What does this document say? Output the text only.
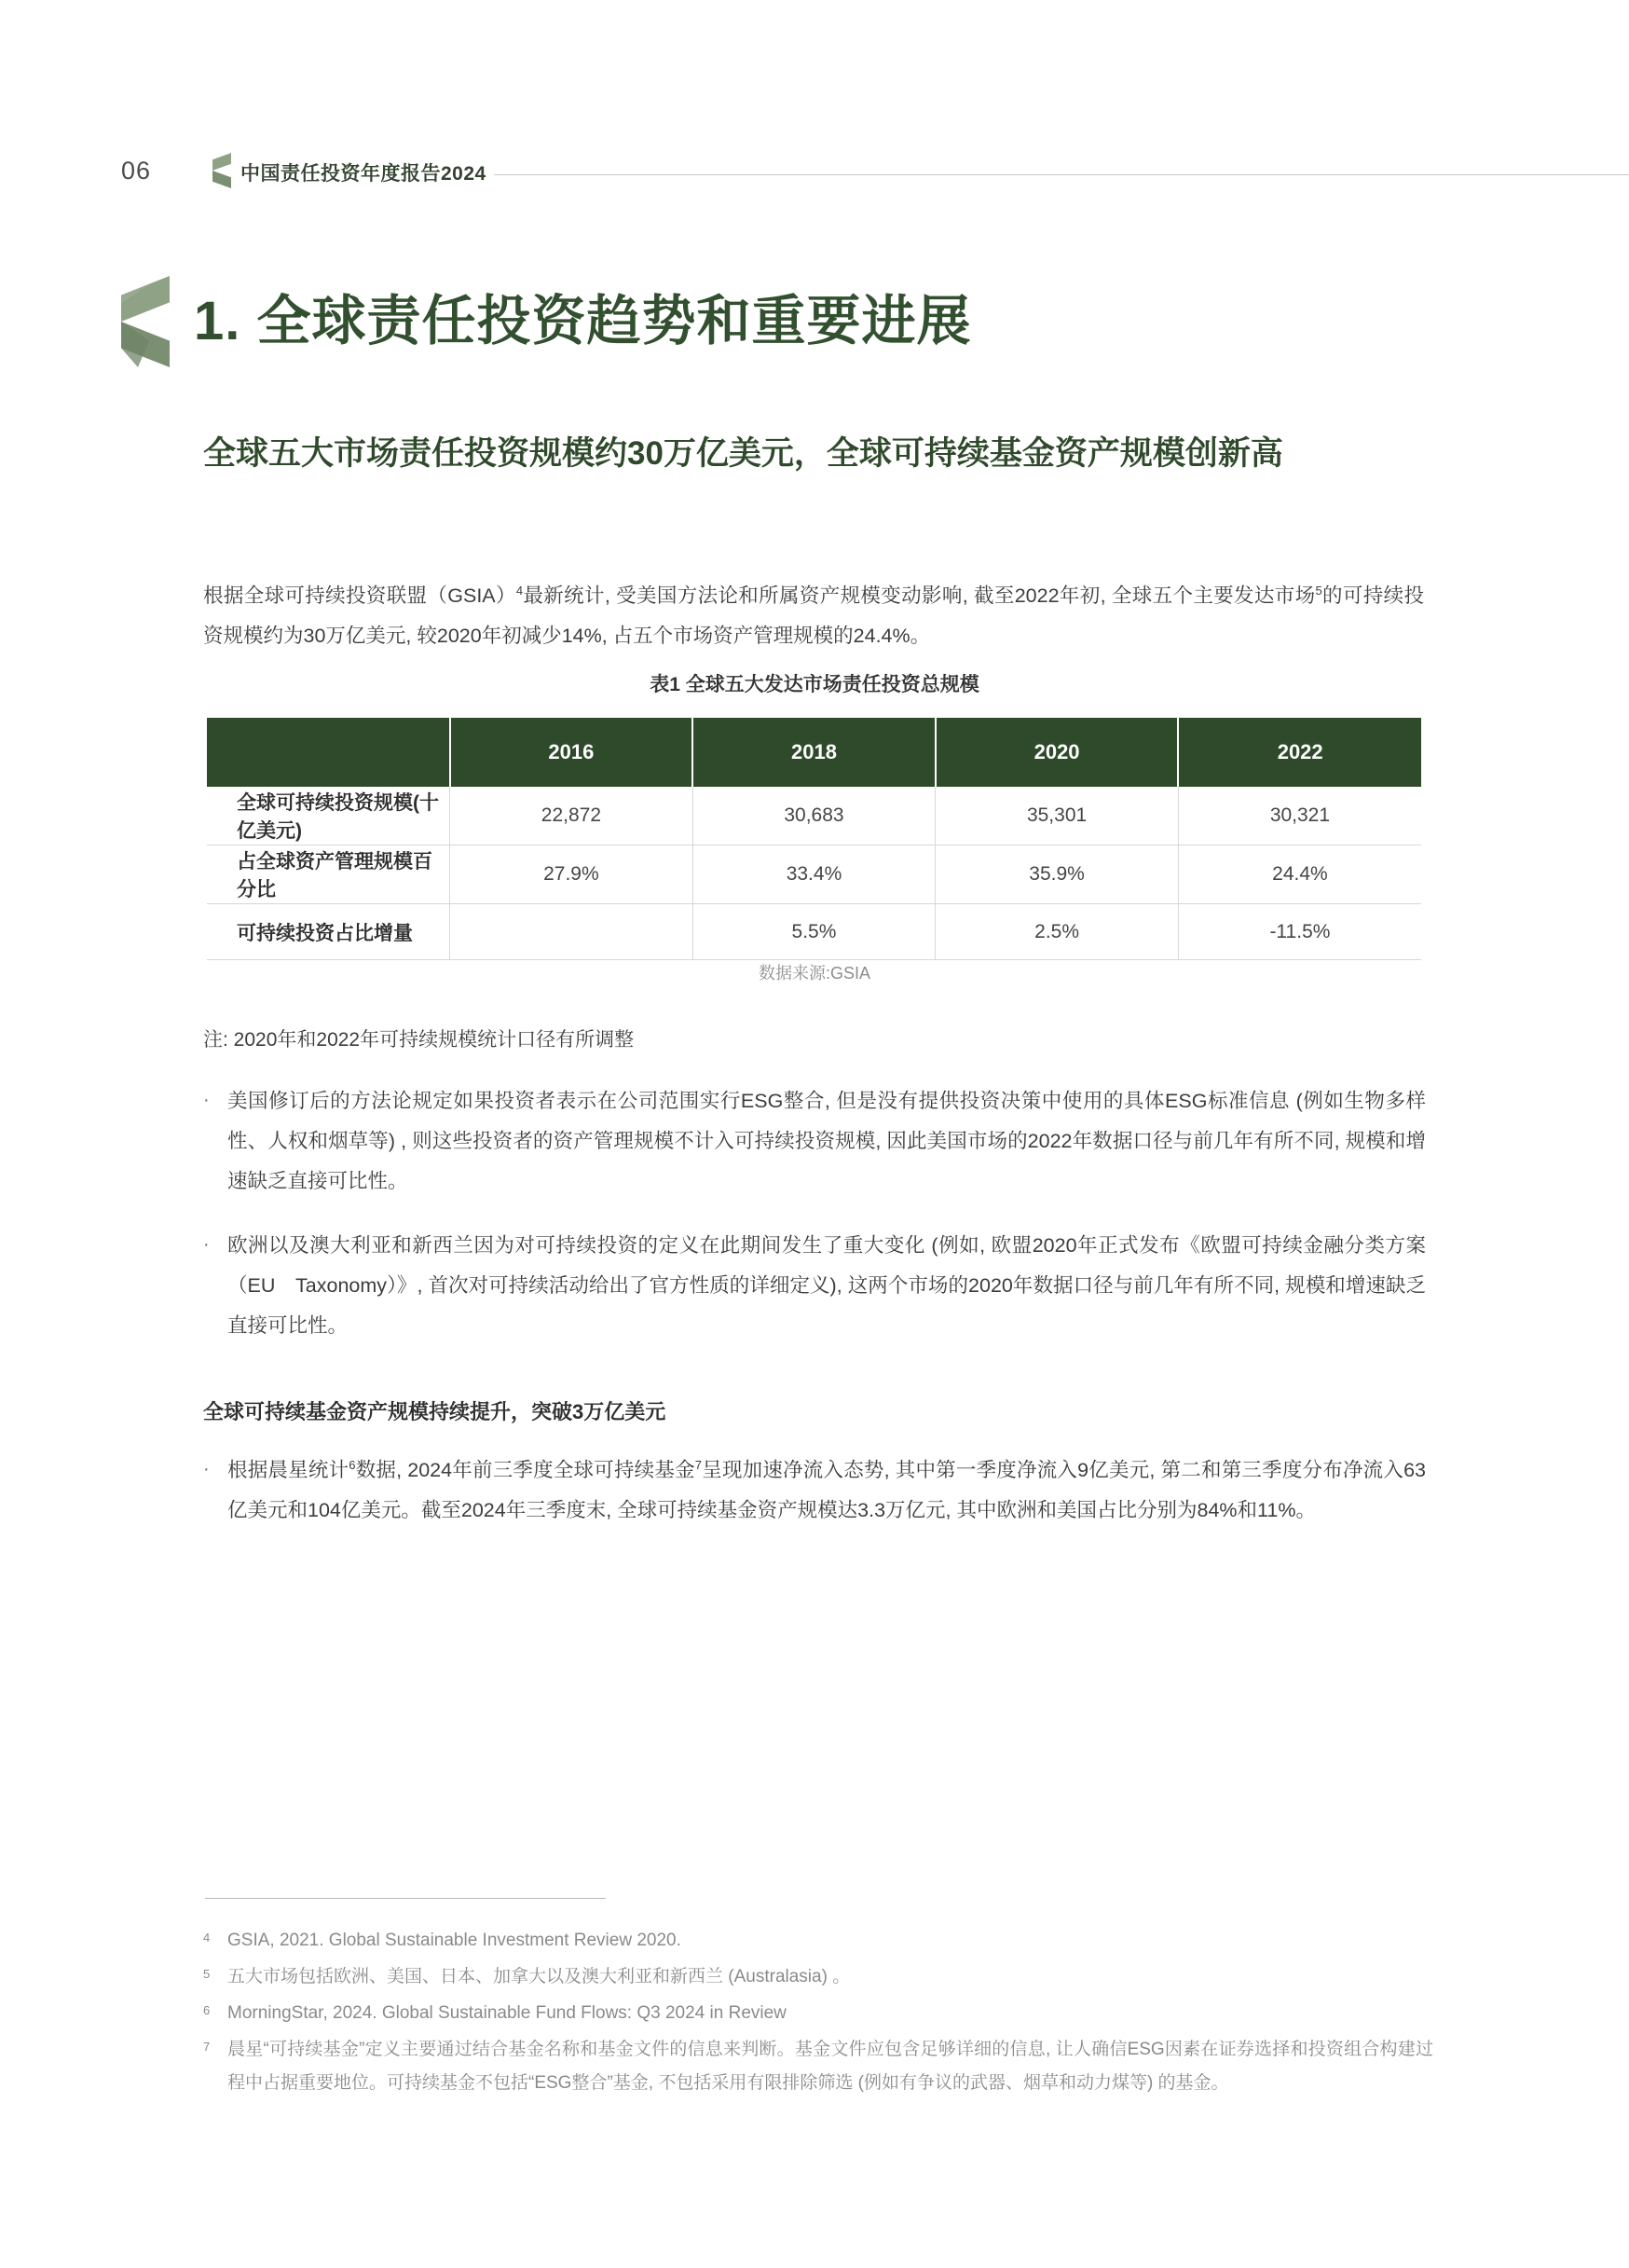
06	中国责任投资年度报告2024
1. 全球责任投资趋势和重要进展
全球五大市场责任投资规模约30万亿美元，全球可持续基金资产规模创新高

根据全球可持续投资联盟（GSIA）$^4$最新统计, 受美国方法论和所属资产规模变动影响, 截至2022年初, 全球五个主要发达市场$^5$的可持续投资规模约为30万亿美元, 较2020年初减少14%, 占五个市场资产管理规模的24.4%。

表1 全球五大发达市场责任投资总规模
	2016	2018	2020	2022
全球可持续投资规模(十亿美元)	22,872	30,683	35,301	30,321
占全球资产管理规模百分比	27.9%	33.4%	35.9%	24.4%
可持续投资占比增量		5.5%	2.5%	-11.5%
数据来源:GSIA
注: 2020年和2022年可持续规模统计口径有所调整
· 美国修订后的方法论规定如果投资者表示在公司范围实行ESG整合, 但是没有提供投资决策中使用的具体ESG标准信息 (例如生物多样性、人权和烟草等) , 则这些投资者的资产管理规模不计入可持续投资规模, 因此美国市场的2022年数据口径与前几年有所不同, 规模和增速缺乏直接可比性。
· 欧洲以及澳大利亚和新西兰因为对可持续投资的定义在此期间发生了重大变化 (例如, 欧盟2020年正式发布《欧盟可持续金融分类方案（EU　Taxonomy）》, 首次对可持续活动给出了官方性质的详细定义), 这两个市场的2020年数据口径与前几年有所不同, 规模和增速缺乏直接可比性。
全球可持续基金资产规模持续提升，突破3万亿美元
· 根据晨星统计$^6$数据, 2024年前三季度全球可持续基金$^7$呈现加速净流入态势, 其中第一季度净流入9亿美元, 第二和第三季度分布净流入63亿美元和104亿美元。截至2024年三季度末, 全球可持续基金资产规模达3.3万亿元, 其中欧洲和美国占比分别为84%和11%。
4 GSIA, 2021. Global Sustainable Investment Review 2020.
5 五大市场包括欧洲、美国、日本、加拿大以及澳大利亚和新西兰 (Australasia) 。
6 MorningStar, 2024. Global Sustainable Fund Flows: Q3 2024 in Review
7 晨星“可持续基金”定义主要通过结合基金名称和基金文件的信息来判断。基金文件应包含足够详细的信息, 让人确信ESG因素在证券选择和投资组合构建过程中占据重要地位。可持续基金不包括“ESG整合”基金, 不包括采用有限排除筛选 (例如有争议的武器、烟草和动力煤等) 的基金。
